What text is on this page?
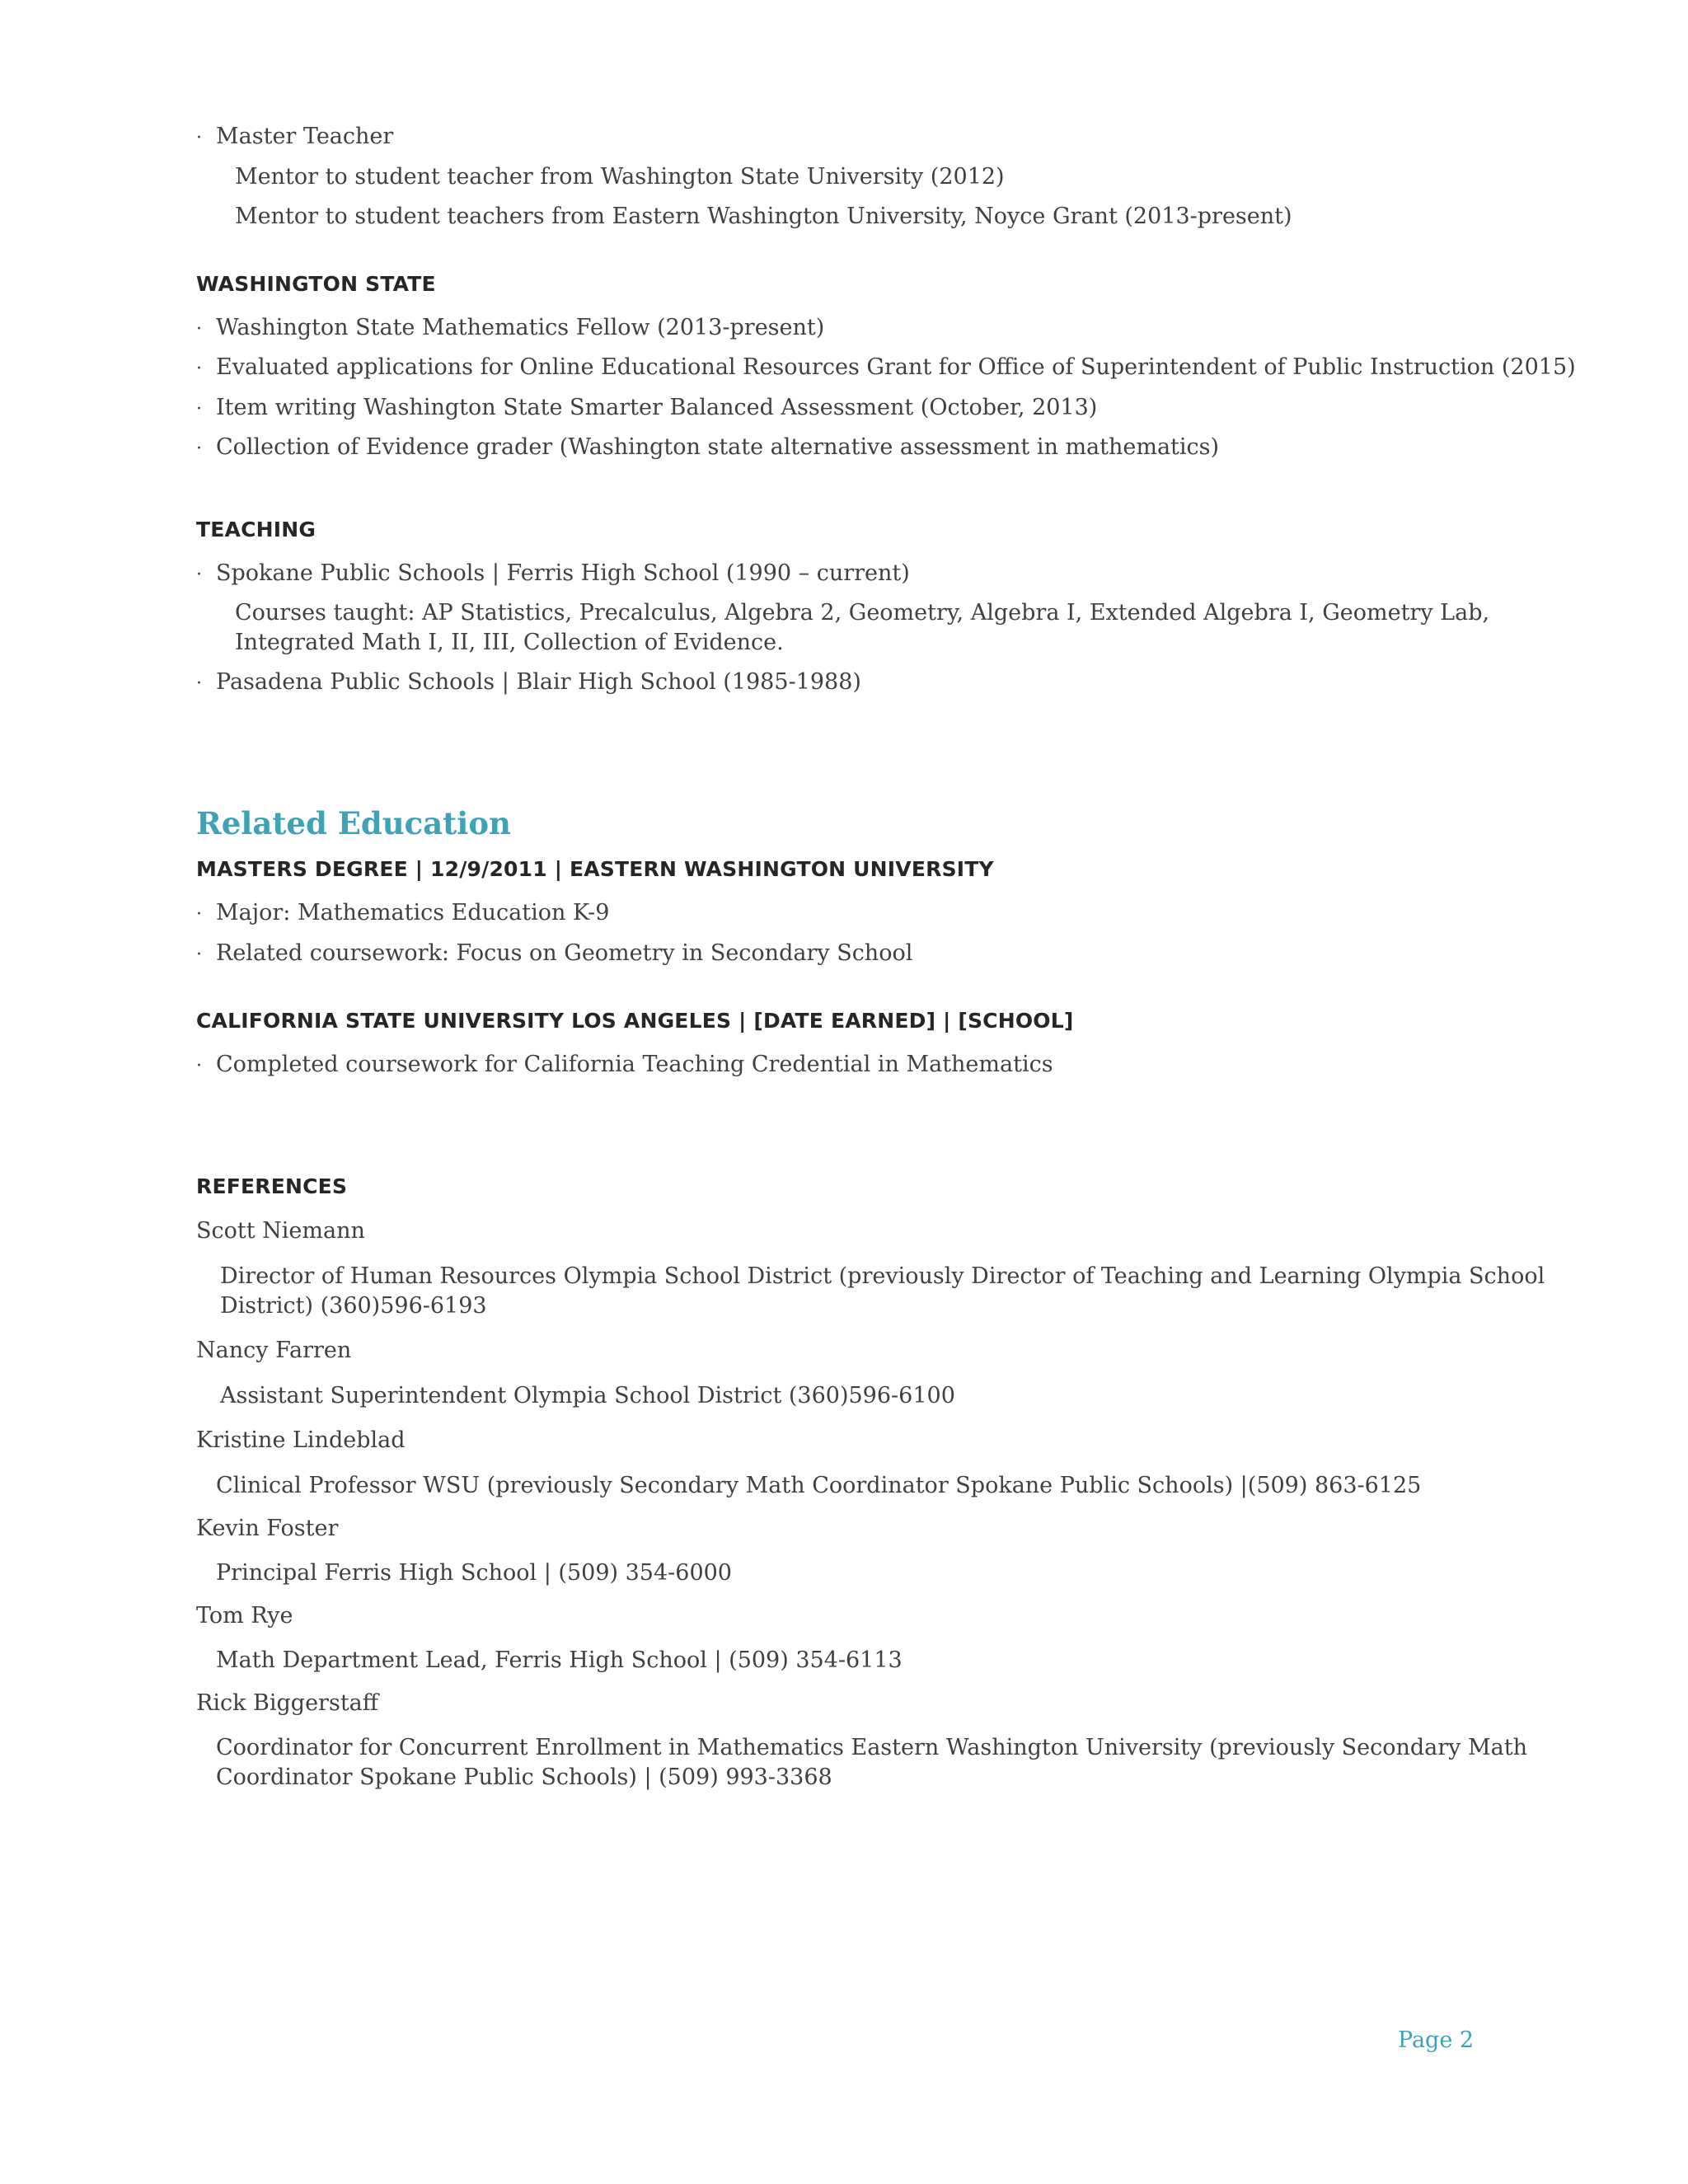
· Master Teacher
Mentor to student teacher from Washington State University (2012)
Mentor to student teachers from Eastern Washington University, Noyce Grant (2013-present)
WASHINGTON STATE
· Washington State Mathematics Fellow (2013-present)
· Evaluated applications for Online Educational Resources Grant for Office of Superintendent of Public Instruction (2015)
· Item writing Washington State Smarter Balanced Assessment (October, 2013)
· Collection of Evidence grader (Washington state alternative assessment in mathematics)
TEACHING
· Spokane Public Schools | Ferris High School (1990 – current)
Courses taught: AP Statistics, Precalculus, Algebra 2, Geometry, Algebra I, Extended Algebra I, Geometry Lab,
Integrated Math I, II, III, Collection of Evidence.
· Pasadena Public Schools | Blair High School (1985-1988)
Related Education
MASTERS DEGREE | 12/9/2011 | EASTERN WASHINGTON UNIVERSITY
· Major: Mathematics Education K-9
· Related coursework: Focus on Geometry in Secondary School
CALIFORNIA STATE UNIVERSITY LOS ANGELES | [DATE EARNED] | [SCHOOL]
· Completed coursework for California Teaching Credential in Mathematics
REFERENCES
Scott Niemann
Director of Human Resources Olympia School District (previously Director of Teaching and Learning Olympia School
District) (360)596-6193
Nancy Farren
Assistant Superintendent Olympia School District (360)596-6100
Kristine Lindeblad
Clinical Professor WSU (previously Secondary Math Coordinator Spokane Public Schools) |(509) 863-6125
Kevin Foster
Principal Ferris High School | (509) 354-6000
Tom Rye
Math Department Lead, Ferris High School | (509) 354-6113
Rick Biggerstaff
Coordinator for Concurrent Enrollment in Mathematics Eastern Washington University (previously Secondary Math
Coordinator Spokane Public Schools) | (509) 993-3368
Page 2
